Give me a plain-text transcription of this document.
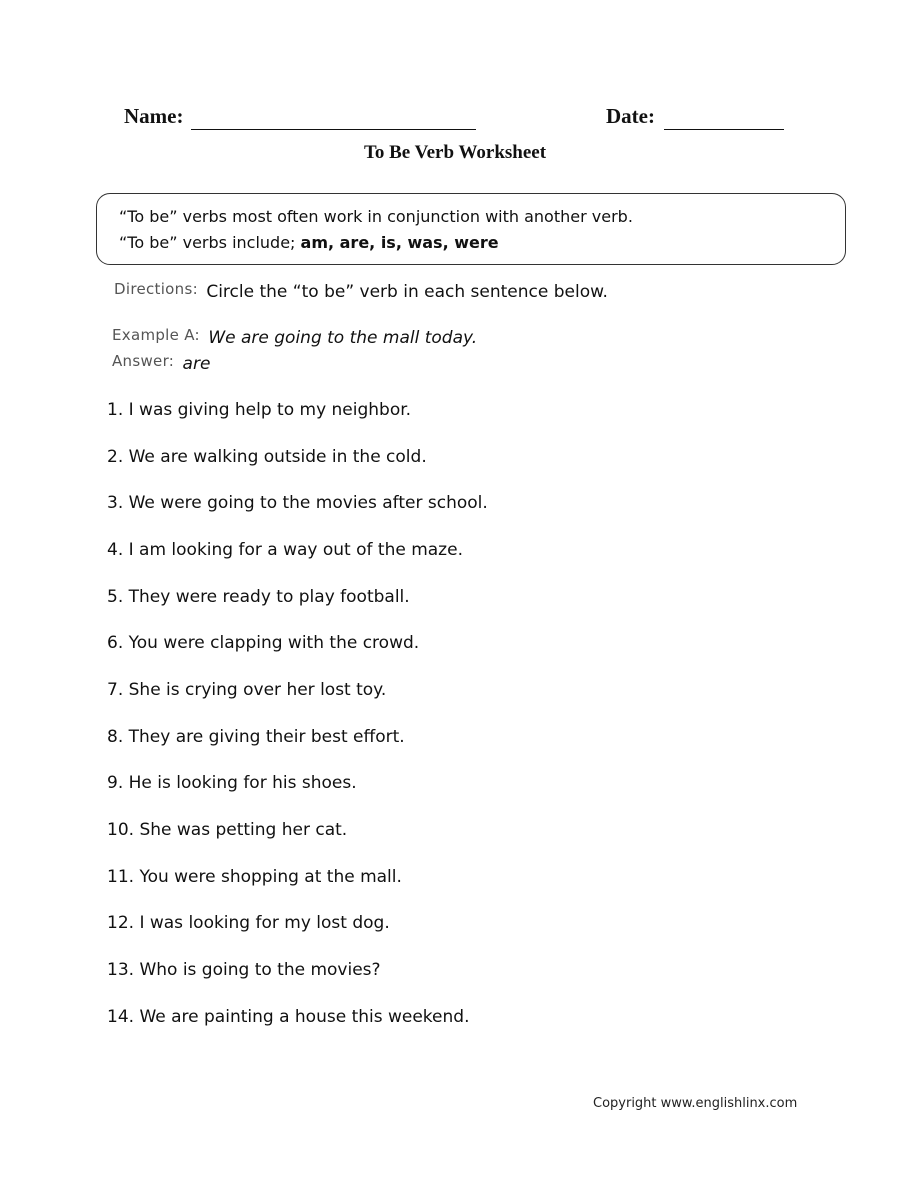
Name:	Date:
To Be Verb Worksheet
“To be” verbs most often work in conjunction with another verb.
“To be” verbs include; am, are, is, was, were
Directions: Circle the “to be” verb in each sentence below.
Example A: We are going to the mall today.
Answer: are
1. I was giving help to my neighbor.
2. We are walking outside in the cold.
3. We were going to the movies after school.
4. I am looking for a way out of the maze.
5. They were ready to play football.
6. You were clapping with the crowd.
7. She is crying over her lost toy.
8. They are giving their best effort.
9. He is looking for his shoes.
10. She was petting her cat.
11. You were shopping at the mall.
12. I was looking for my lost dog.
13. Who is going to the movies?
14. We are painting a house this weekend.
Copyright www.englishlinx.com
